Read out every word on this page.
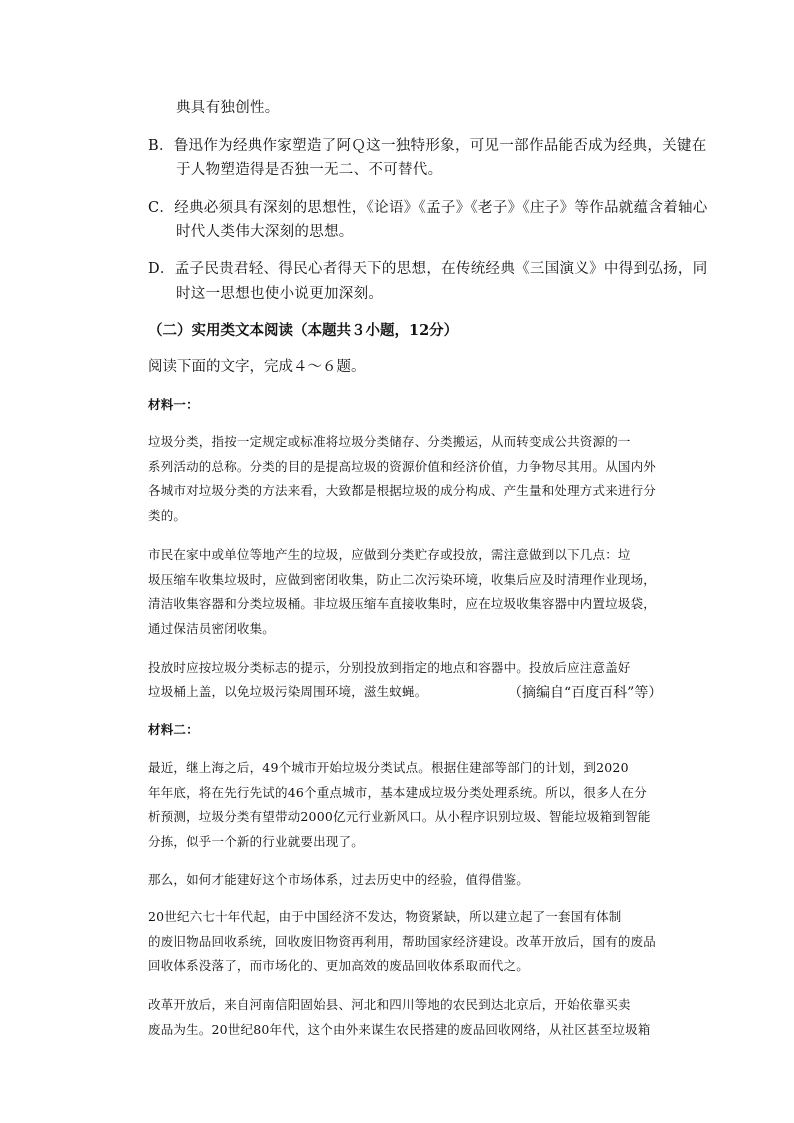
典具有独创性。
B．鲁迅作为经典作家塑造了阿Ｑ这一独特形象，可见一部作品能否成为经典，关键在
于人物塑造得是否独一无二、不可替代。
C．经典必须具有深刻的思想性，《论语》《孟子》《老子》《庄子》等作品就蕴含着轴心
时代人类伟大深刻的思想。
D．孟子民贵君轻、得民心者得天下的思想，在传统经典《三国演义》中得到弘扬，同
时这一思想也使小说更加深刻。
（二）实用类文本阅读（本题共３小题，12分）
阅读下面的文字，完成４～６题。
材料一：
垃圾分类，指按一定规定或标准将垃圾分类储存、分类搬运，从而转变成公共资源的一
系列活动的总称。分类的目的是提高垃圾的资源价值和经济价值，力争物尽其用。从国内外
各城市对垃圾分类的方法来看，大致都是根据垃圾的成分构成、产生量和处理方式来进行分
类的。
市民在家中或单位等地产生的垃圾，应做到分类贮存或投放，需注意做到以下几点：垃
圾压缩车收集垃圾时，应做到密闭收集，防止二次污染环境，收集后应及时清理作业现场，
清洁收集容器和分类垃圾桶。非垃圾压缩车直接收集时，应在垃圾收集容器中内置垃圾袋，
通过保洁员密闭收集。
投放时应按垃圾分类标志的提示，分别投放到指定的地点和容器中。投放后应注意盖好
垃圾桶上盖，以免垃圾污染周围环境，滋生蚊蝇。	（摘编自“百度百科”等）
材料二：
最近，继上海之后，49个城市开始垃圾分类试点。根据住建部等部门的计划，到2020
年年底，将在先行先试的46个重点城市，基本建成垃圾分类处理系统。所以，很多人在分
析预测，垃圾分类有望带动2000亿元行业新风口。从小程序识别垃圾、智能垃圾箱到智能
分拣，似乎一个新的行业就要出现了。
那么，如何才能建好这个市场体系，过去历史中的经验，值得借鉴。
20世纪六七十年代起，由于中国经济不发达，物资紧缺，所以建立起了一套国有体制
的废旧物品回收系统，回收废旧物资再利用，帮助国家经济建设。改革开放后，国有的废品
回收体系没落了，而市场化的、更加高效的废品回收体系取而代之。
改革开放后，来自河南信阳固始县、河北和四川等地的农民到达北京后，开始依靠买卖
废品为生。20世纪80年代，这个由外来谋生农民搭建的废品回收网络，从社区甚至垃圾箱
